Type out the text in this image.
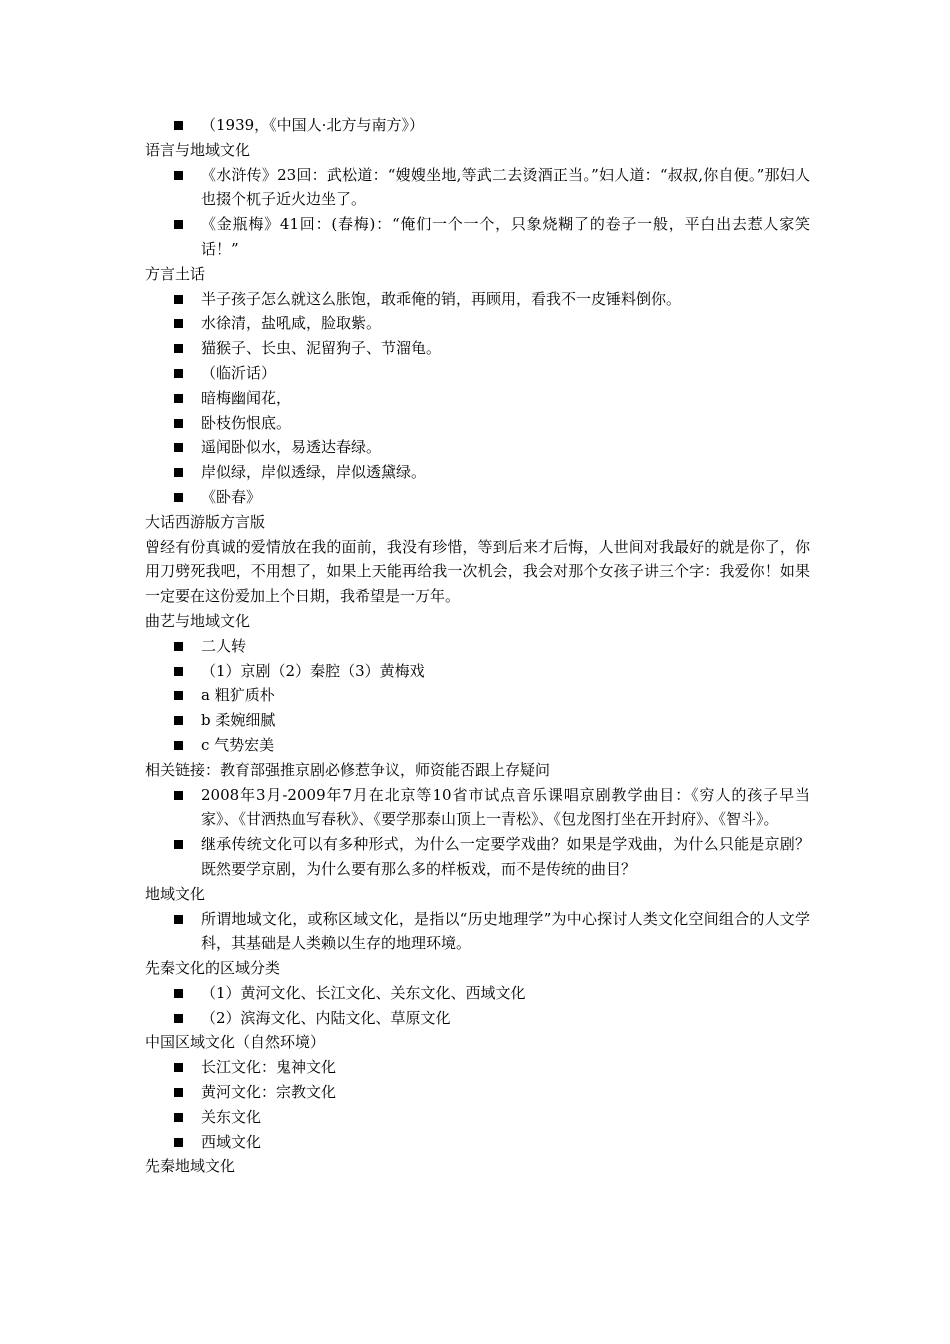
（1939，《中国人·北方与南方》）
语言与地域文化
《水浒传》23回：武松道：“嫂嫂坐地,等武二去烫酒正当。”妇人道：“叔叔,你自便。”那妇人也掇个杌子近火边坐了。
《金瓶梅》41回：(春梅)：“俺们一个一个，只象烧糊了的卷子一般，平白出去惹人家笑话！”
方言土话
半子孩子怎么就这么胀饱，敢乖俺的销，再顾用，看我不一皮锤料倒你。
水徐清，盐吼咸，脸取紫。
猫猴子、长虫、泥留狗子、节溜龟。
（临沂话）
暗梅幽闻花，
卧枝伤恨底。
遥闻卧似水，易透达春绿。
岸似绿，岸似透绿，岸似透黛绿。
《卧春》
大话西游版方言版

曾经有份真诚的爱情放在我的面前，我没有珍惜，等到后来才后悔，人世间对我最好的就是你了，你用刀劈死我吧，不用想了，如果上天能再给我一次机会，我会对那个女孩子讲三个字：我爱你！如果一定要在这份爱加上个日期，我希望是一万年。

曲艺与地域文化
二人转
（1）京剧（2）秦腔（3）黄梅戏
a 粗犷质朴
b 柔婉细腻
c 气势宏美
相关链接：教育部强推京剧必修惹争议，师资能否跟上存疑问
2008年3月-2009年7月在北京等10省市试点音乐课唱京剧教学曲目：《穷人的孩子早当家》、《甘洒热血写春秋》、《要学那泰山顶上一青松》、《包龙图打坐在开封府》、《智斗》。
继承传统文化可以有多种形式，为什么一定要学戏曲？如果是学戏曲，为什么只能是京剧？既然要学京剧，为什么要有那么多的样板戏，而不是传统的曲目？
地域文化
所谓地域文化，或称区域文化，是指以“历史地理学”为中心探讨人类文化空间组合的人文学科，其基础是人类赖以生存的地理环境。
先秦文化的区域分类
（1）黄河文化、长江文化、关东文化、西域文化
（2）滨海文化、内陆文化、草原文化
中国区域文化（自然环境）
长江文化：鬼神文化
黄河文化：宗教文化
关东文化
西域文化
先秦地域文化
